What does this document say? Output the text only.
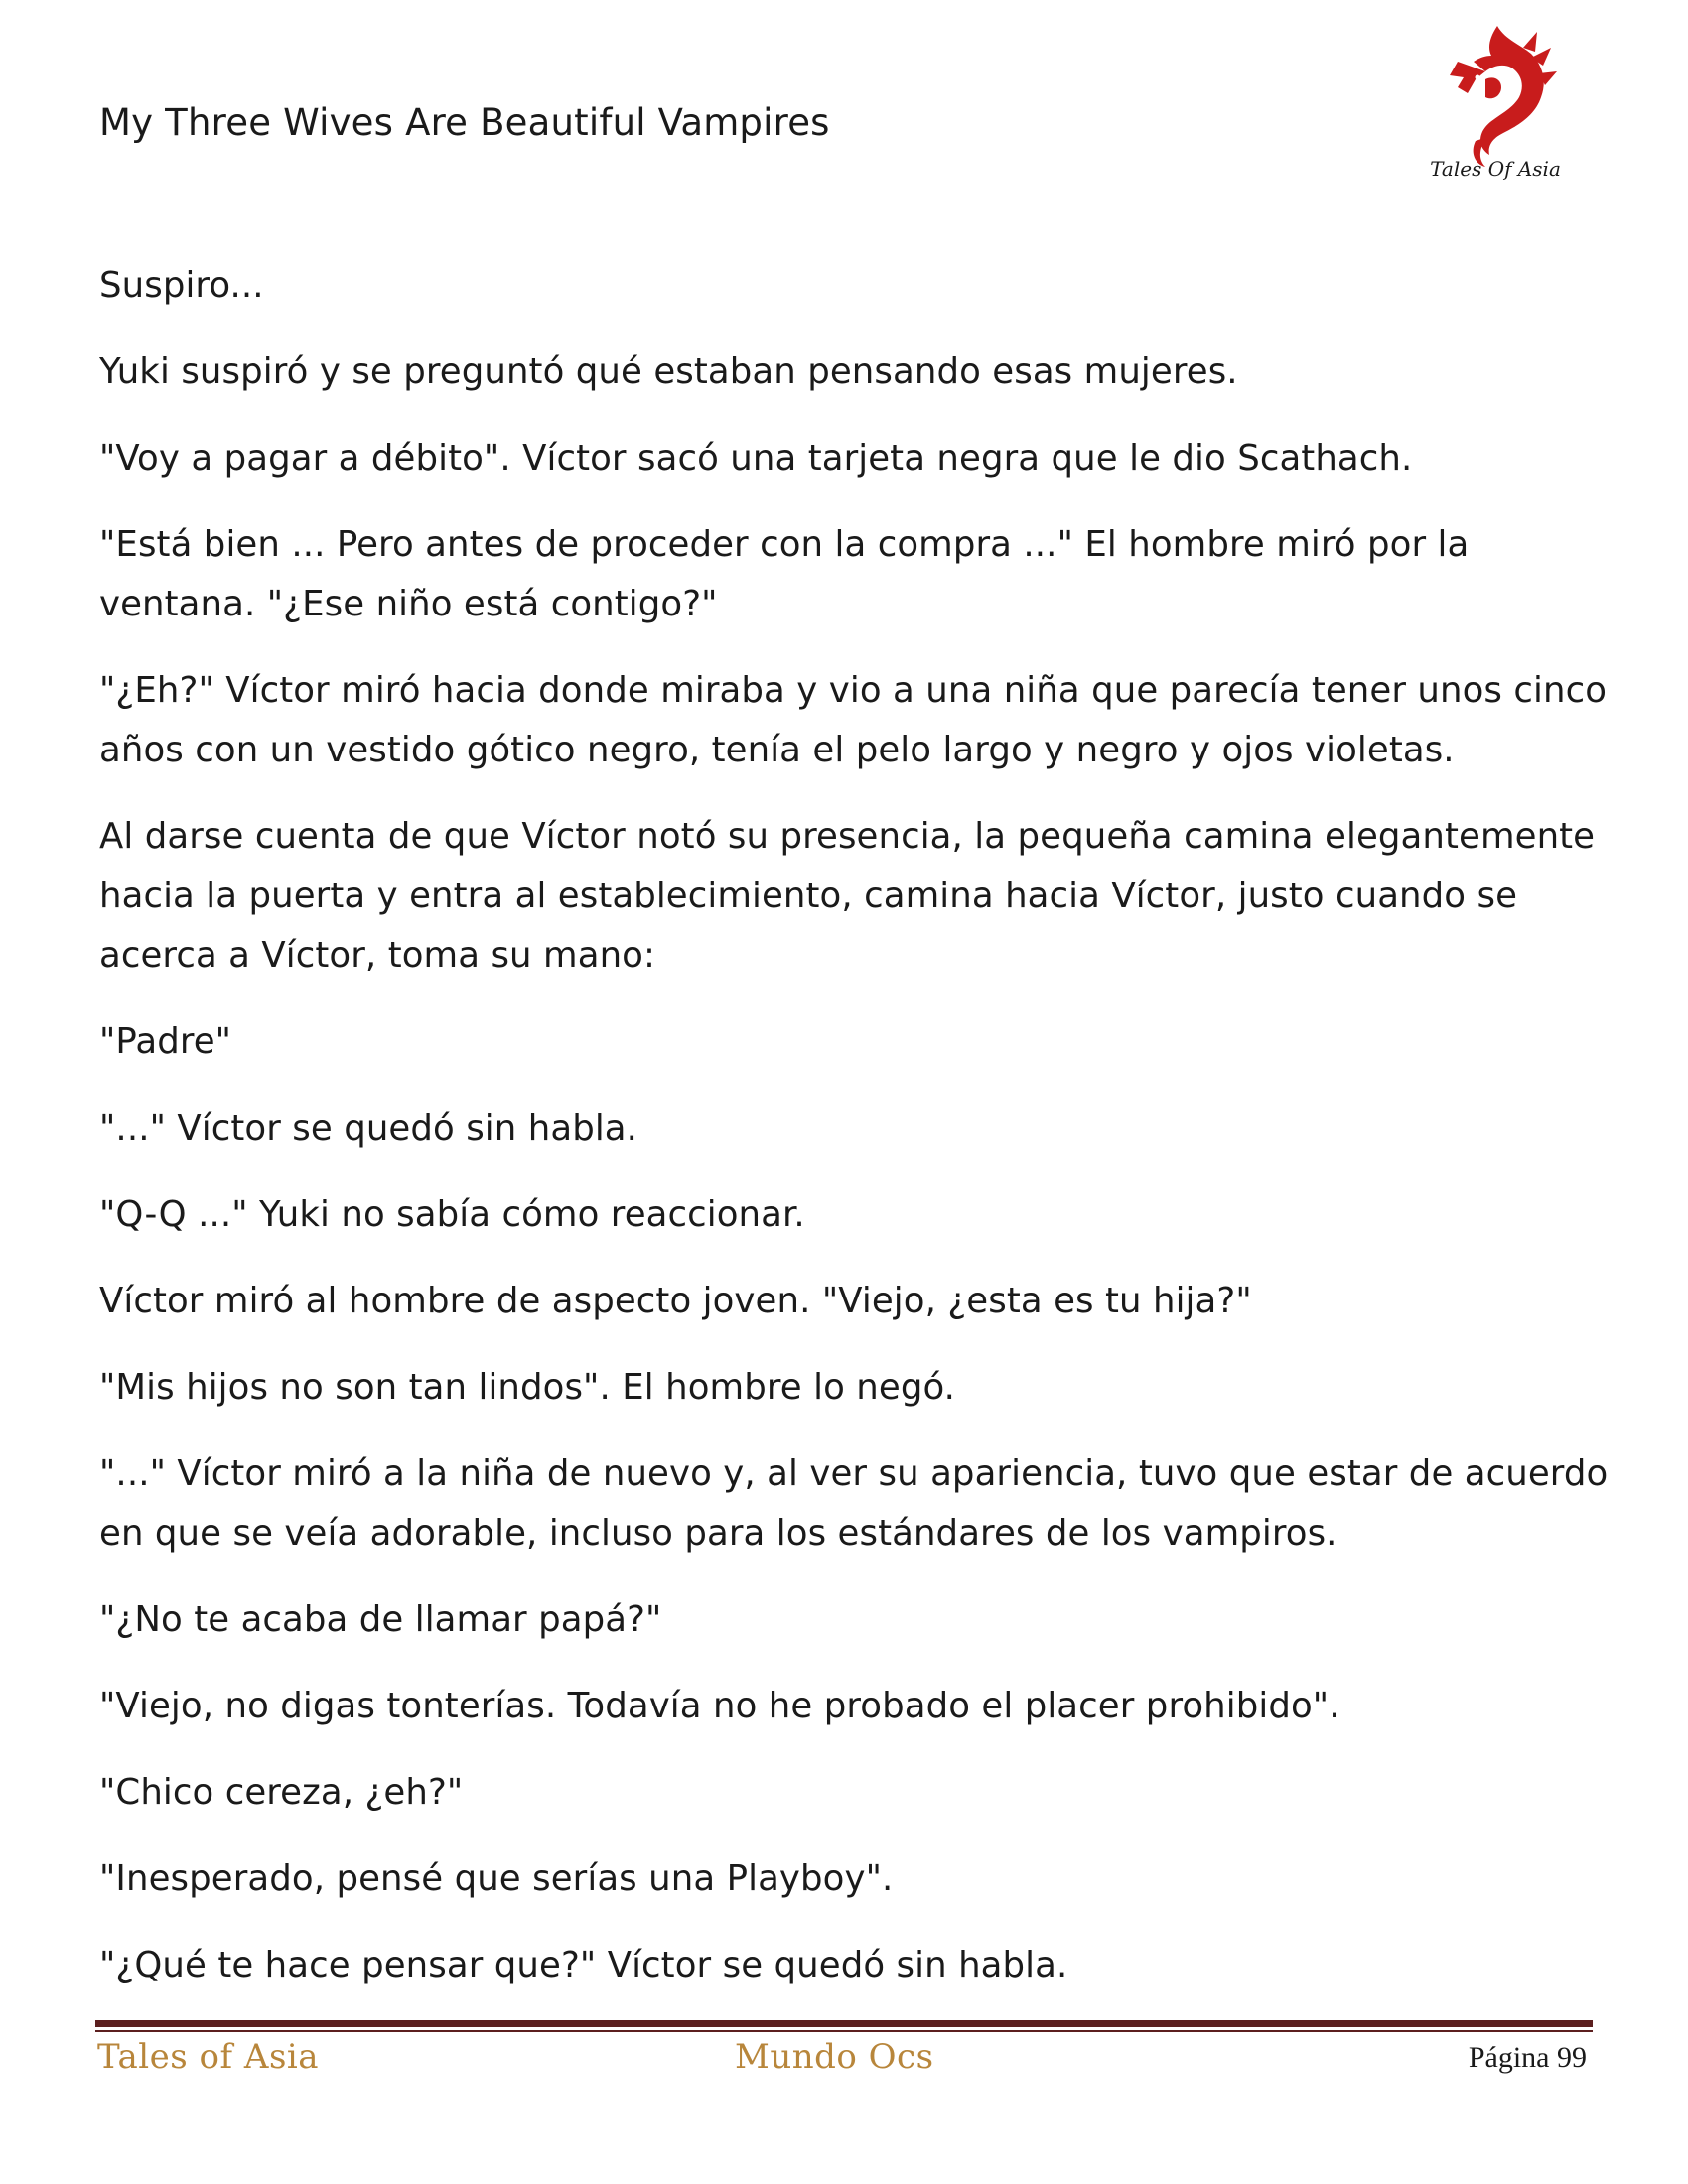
My Three Wives Are Beautiful Vampires
Tales Of Asia

Suspiro...

Yuki suspiró y se preguntó qué estaban pensando esas mujeres.

"Voy a pagar a débito". Víctor sacó una tarjeta negra que le dio Scathach.

"Está bien ... Pero antes de proceder con la compra ..." El hombre miró por la ventana. "¿Ese niño está contigo?"

"¿Eh?" Víctor miró hacia donde miraba y vio a una niña que parecía tener unos cinco años con un vestido gótico negro, tenía el pelo largo y negro y ojos violetas.

Al darse cuenta de que Víctor notó su presencia, la pequeña camina elegantemente hacia la puerta y entra al establecimiento, camina hacia Víctor, justo cuando se acerca a Víctor, toma su mano:

"Padre"

"..." Víctor se quedó sin habla.

"Q-Q ..." Yuki no sabía cómo reaccionar.

Víctor miró al hombre de aspecto joven. "Viejo, ¿esta es tu hija?"

"Mis hijos no son tan lindos". El hombre lo negó.

"..." Víctor miró a la niña de nuevo y, al ver su apariencia, tuvo que estar de acuerdo en que se veía adorable, incluso para los estándares de los vampiros.

"¿No te acaba de llamar papá?"

"Viejo, no digas tonterías. Todavía no he probado el placer prohibido".

"Chico cereza, ¿eh?"

"Inesperado, pensé que serías una Playboy".

"¿Qué te hace pensar que?" Víctor se quedó sin habla.

Tales of Asia	Mundo Ocs	Página 99
